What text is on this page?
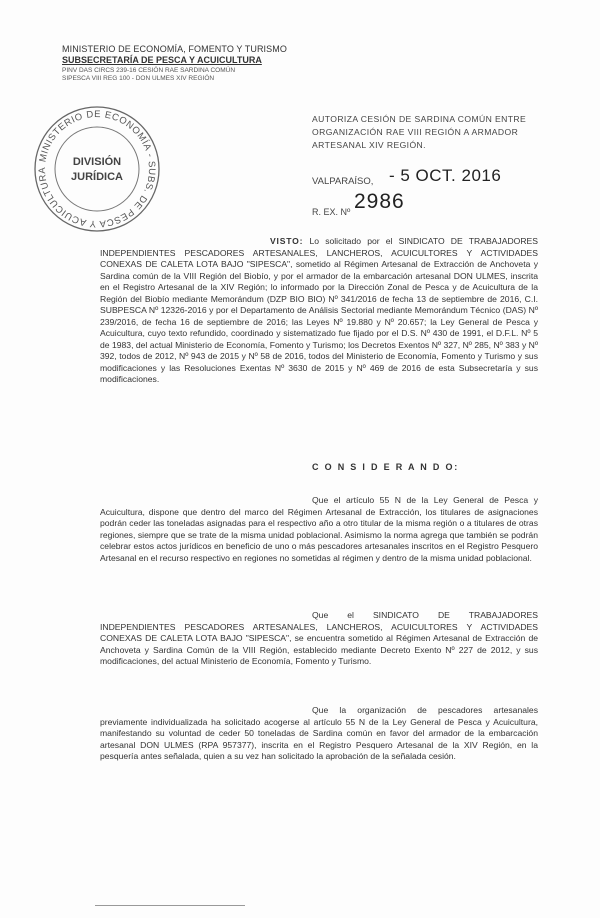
MINISTERIO DE ECONOMÍA, FOMENTO Y TURISMO
SUBSECRETARÍA DE PESCA Y ACUICULTURA
PINV DAS CIRCS 239-16 CESIÓN RAE SARDINA COMÚN
SIPESCA VIII REG 100 - DON ULMES XIV REGIÓN
MINISTERIO DE ECONOMÍA - SUBS. DE PESCA Y ACUICULTURA
DIVISIÓN
JURÍDICA
AUTORIZA CESIÓN DE SARDINA COMÚN ENTRE
ORGANIZACIÓN RAE VIII REGIÓN A ARMADOR
ARTESANAL XIV REGIÓN.
VALPARAÍSO, - 5 OCT. 2016
R. EX. Nº 2986
VISTO: Lo solicitado por el SINDICATO DE TRABAJADORES INDEPENDIENTES PESCADORES ARTESANALES, LANCHEROS, ACUICULTORES Y ACTIVIDADES CONEXAS DE CALETA LOTA BAJO "SIPESCA", sometido al Régimen Artesanal de Extracción de Anchoveta y Sardina común de la VIII Región del Biobío, y por el armador de la embarcación artesanal DON ULMES, inscrita en el Registro Artesanal de la XIV Región; lo informado por la Dirección Zonal de Pesca y de Acuicultura de la Región del Biobío mediante Memorándum (DZP BIO BIO) Nº 341/2016 de fecha 13 de septiembre de 2016, C.I. SUBPESCA Nº 12326-2016 y por el Departamento de Análisis Sectorial mediante Memorándum Técnico (DAS) Nº 239/2016, de fecha 16 de septiembre de 2016; las Leyes Nº 19.880 y Nº 20.657; la Ley General de Pesca y Acuicultura, cuyo texto refundido, coordinado y sistematizado fue fijado por el D.S. Nº 430 de 1991, el D.F.L. Nº 5 de 1983, del actual Ministerio de Economía, Fomento y Turismo; los Decretos Exentos Nº 327, Nº 285, Nº 383 y Nº 392, todos de 2012, Nº 943 de 2015 y Nº 58 de 2016, todos del Ministerio de Economía, Fomento y Turismo y sus modificaciones y las Resoluciones Exentas Nº 3630 de 2015 y Nº 469 de 2016 de esta Subsecretaría y sus modificaciones.
C O N S I D E R A N D O:
Que el artículo 55 N de la Ley General de Pesca y Acuicultura, dispone que dentro del marco del Régimen Artesanal de Extracción, los titulares de asignaciones podrán ceder las toneladas asignadas para el respectivo año a otro titular de la misma región o a titulares de otras regiones, siempre que se trate de la misma unidad poblacional. Asimismo la norma agrega que también se podrán celebrar estos actos jurídicos en beneficio de uno o más pescadores artesanales inscritos en el Registro Pesquero Artesanal en el recurso respectivo en regiones no sometidas al régimen y dentro de la misma unidad poblacional.
Que el SINDICATO DE TRABAJADORES INDEPENDIENTES PESCADORES ARTESANALES, LANCHEROS, ACUICULTORES Y ACTIVIDADES CONEXAS DE CALETA LOTA BAJO "SIPESCA", se encuentra sometido al Régimen Artesanal de Extracción de Anchoveta y Sardina Común de la VIII Región, establecido mediante Decreto Exento Nº 227 de 2012, y sus modificaciones, del actual Ministerio de Economía, Fomento y Turismo.
Que la organización de pescadores artesanales previamente individualizada ha solicitado acogerse al artículo 55 N de la Ley General de Pesca y Acuicultura, manifestando su voluntad de ceder 50 toneladas de Sardina común en favor del armador de la embarcación artesanal DON ULMES (RPA 957377), inscrita en el Registro Pesquero Artesanal de la XIV Región, en la pesquería antes señalada, quien a su vez han solicitado la aprobación de la señalada cesión.
